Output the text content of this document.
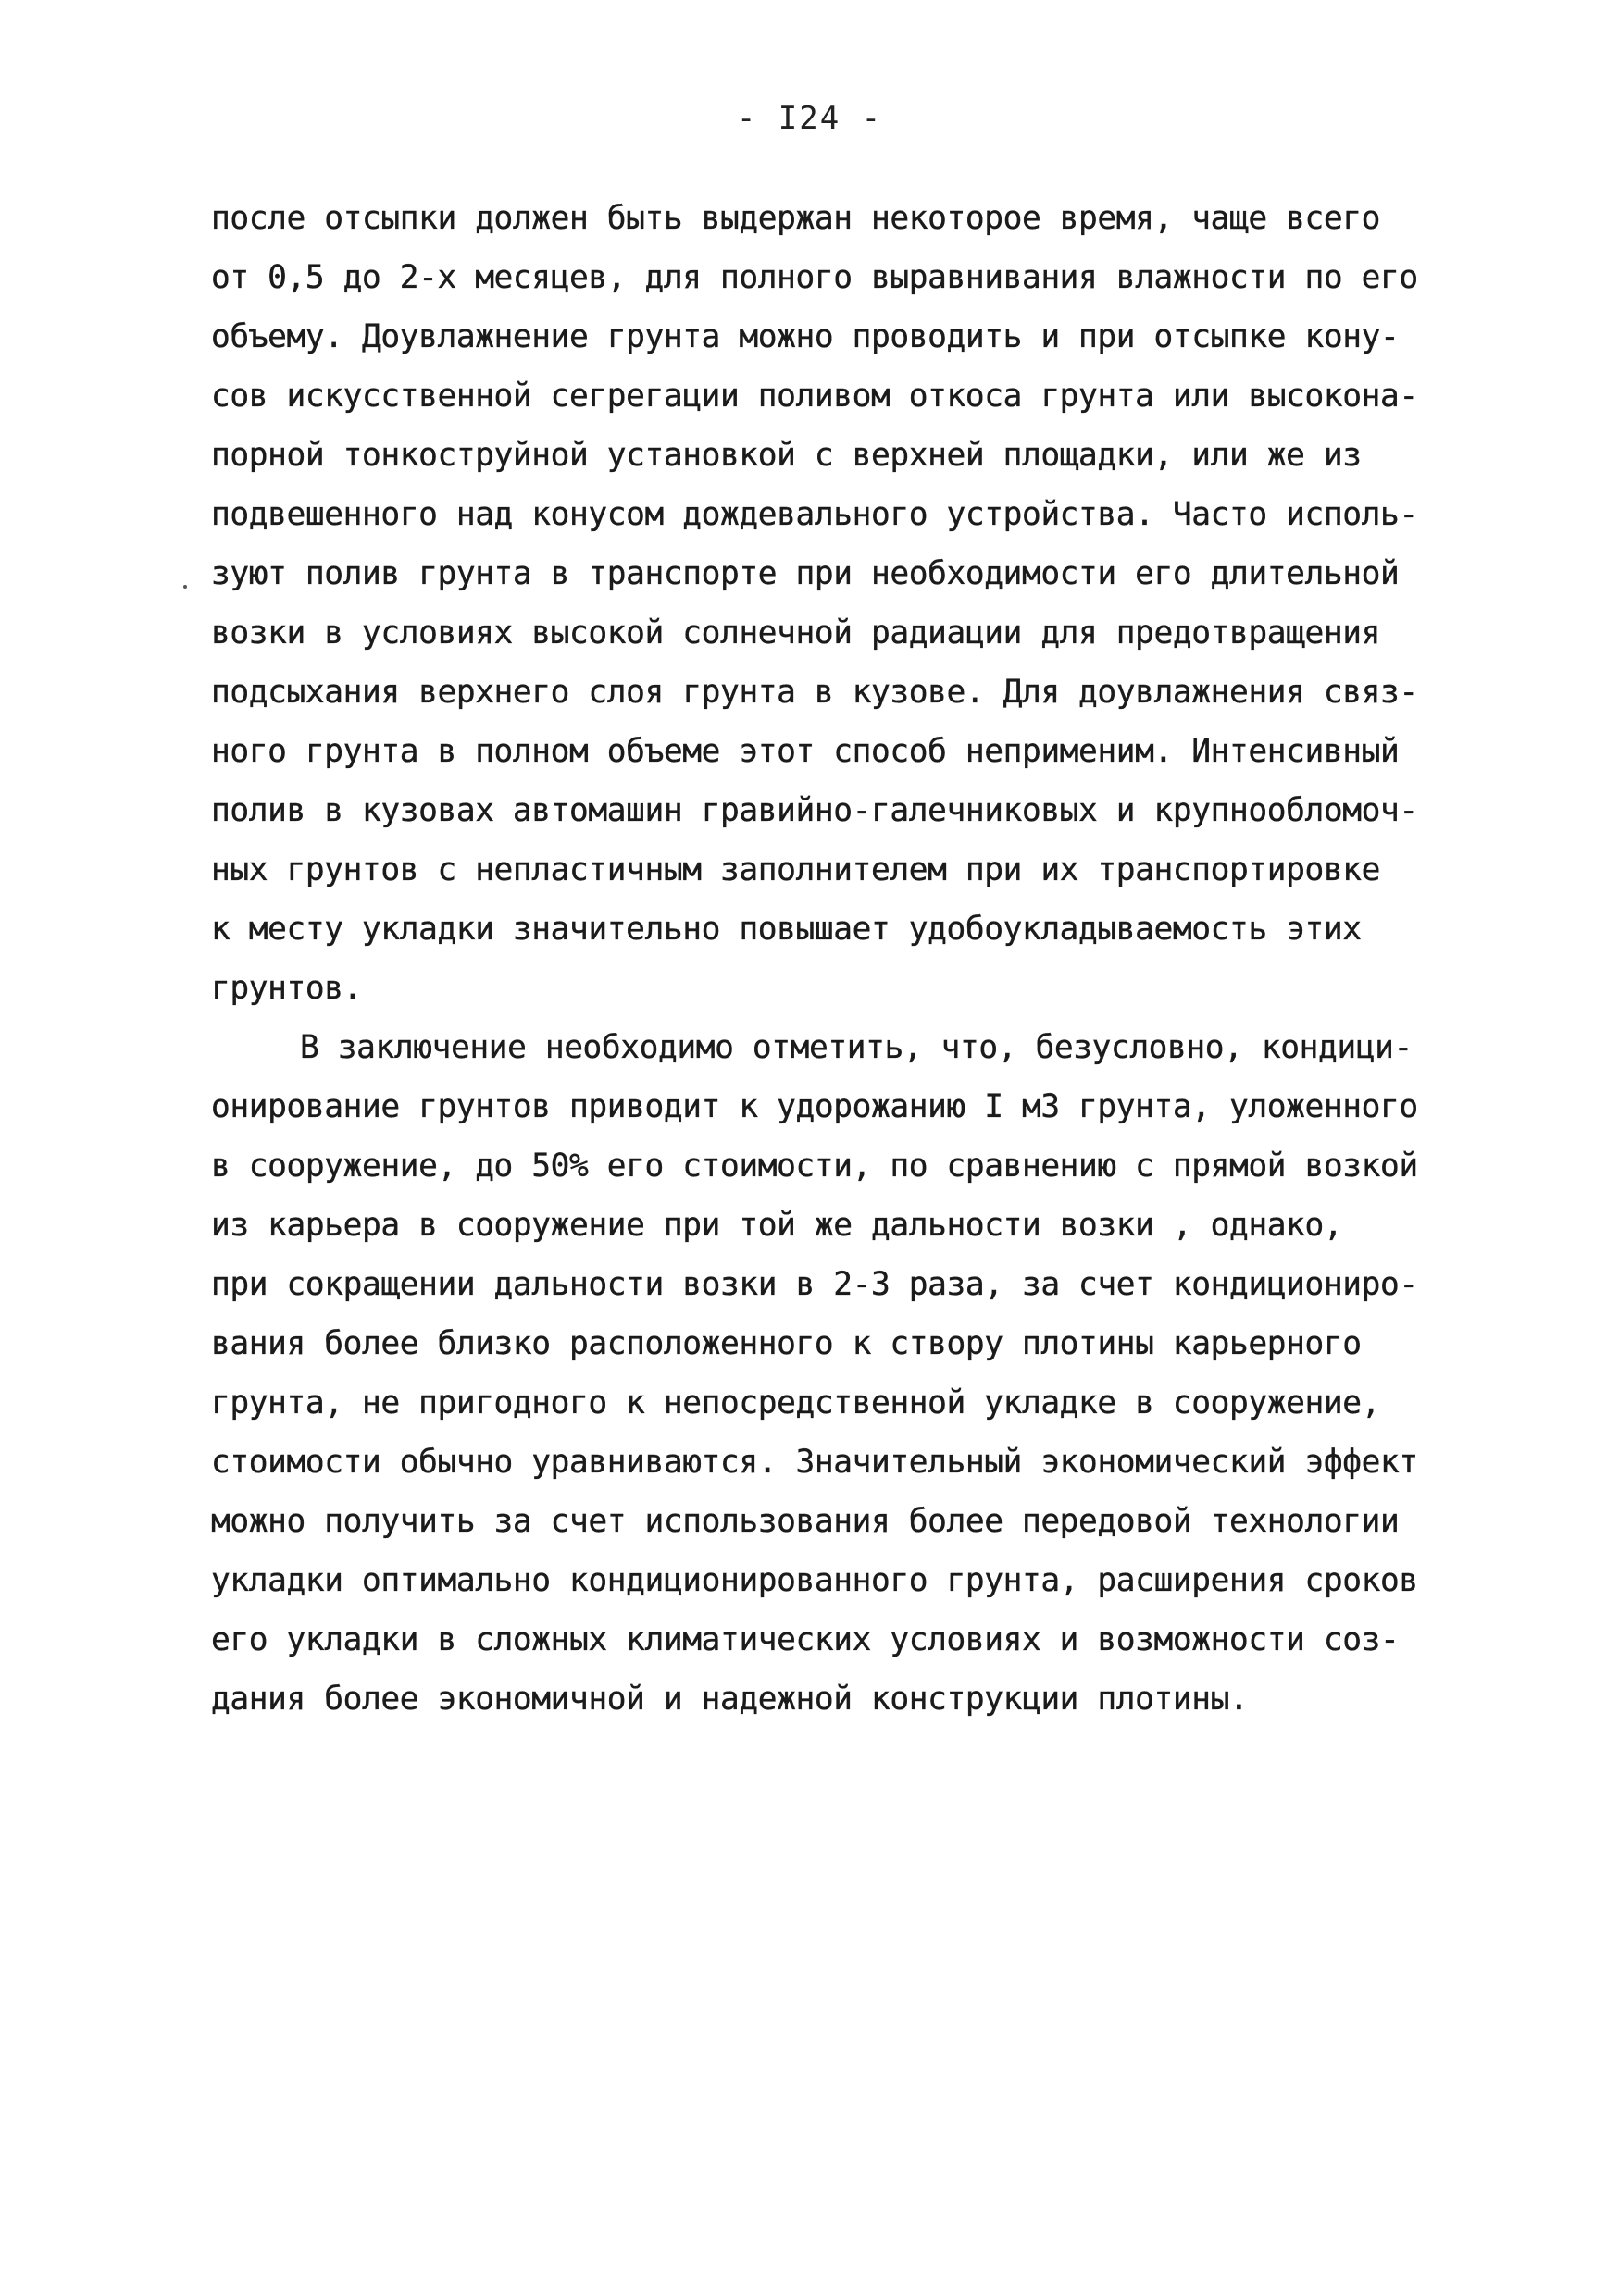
- I24 -

после отсыпки должен быть выдержан некоторое время, чаще всего

от 0,5 до 2-х месяцев, для полного выравнивания влажности по его

объему. Доувлажнение грунта можно проводить и при отсыпке кону-

сов искусственной сегрегации поливом откоса грунта или высокона-

порной тонкоструйной установкой с верхней площадки, или же из

подвешенного над конусом дождевального устройства. Часто исполь-

зуют полив грунта в транспорте при необходимости его длительной

возки в условиях высокой солнечной радиации для предотвращения

подсыхания верхнего слоя грунта в кузове. Для доувлажнения связ-

ного грунта в полном объеме этот способ неприменим. Интенсивный

полив в кузовах автомашин гравийно-галечниковых и крупнообломоч-

ных грунтов с непластичным заполнителем при их транспортировке

к месту укладки значительно повышает удобоукладываемость этих

грунтов.

В заключение необходимо отметить, что, безусловно, кондици-

онирование грунтов приводит к удорожанию I м3 грунта, уложенного

в сооружение, до 50% его стоимости, по сравнению с прямой возкой

из карьера в сооружение при той же дальности возки , однако,

при сокращении дальности возки в 2-3 раза, за счет кондициониро-

вания более близко расположенного к створу плотины карьерного

грунта, не пригодного к непосредственной укладке в сооружение,

стоимости обычно уравниваются. Значительный экономический эффект

можно получить за счет использования более передовой технологии

укладки оптимально кондиционированного грунта, расширения сроков

его укладки в сложных климатических условиях и возможности соз-

дания более экономичной и надежной конструкции плотины.
